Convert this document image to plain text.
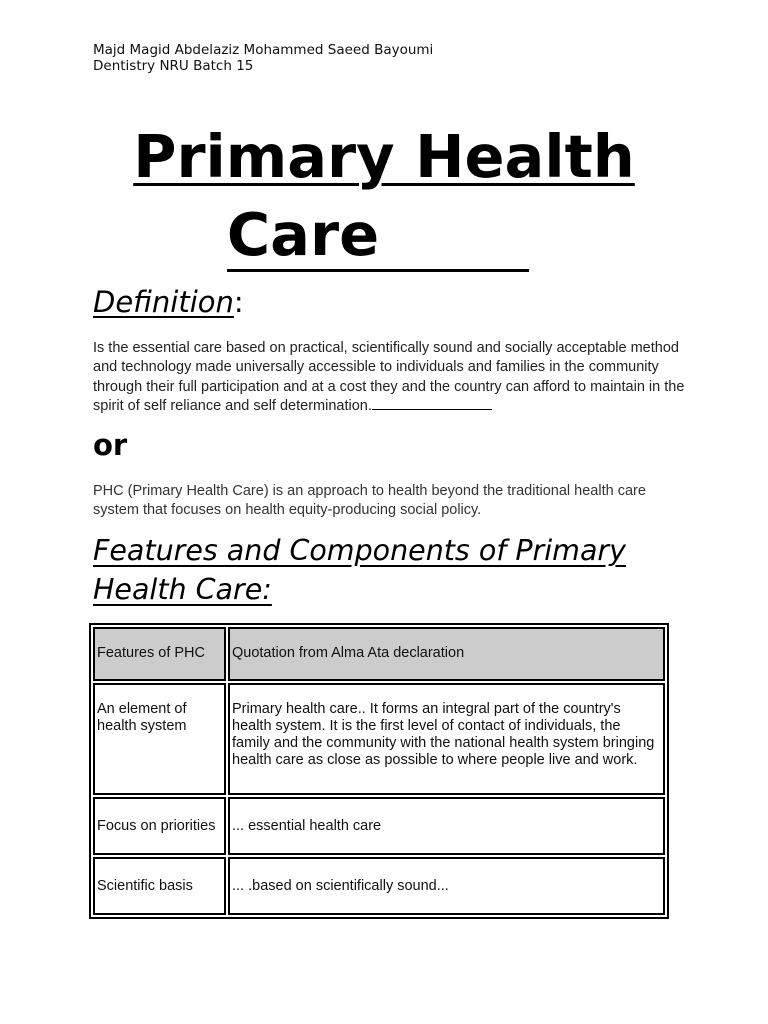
Majd Magid Abdelaziz Mohammed Saeed Bayoumi
Dentistry NRU Batch 15
Primary Health
Care
Definition:
Is the essential care based on practical, scientifically sound and socially acceptable method and technology made universally accessible to individuals and families in the community through their full participation and at a cost they and the country can afford to maintain in the spirit of self reliance and self determination.
or
PHC (Primary Health Care) is an approach to health beyond the traditional health care system that focuses on health equity-producing social policy.
Features and Components of Primary Health Care:
Features of PHC	Quotation from Alma Ata declaration
An element of health system	Primary health care.. It forms an integral part of the country's health system. It is the first level of contact of individuals, the family and the community with the national health system bringing health care as close as possible to where people live and work.
Focus on priorities	... essential health care
Scientific basis	... .based on scientifically sound...
